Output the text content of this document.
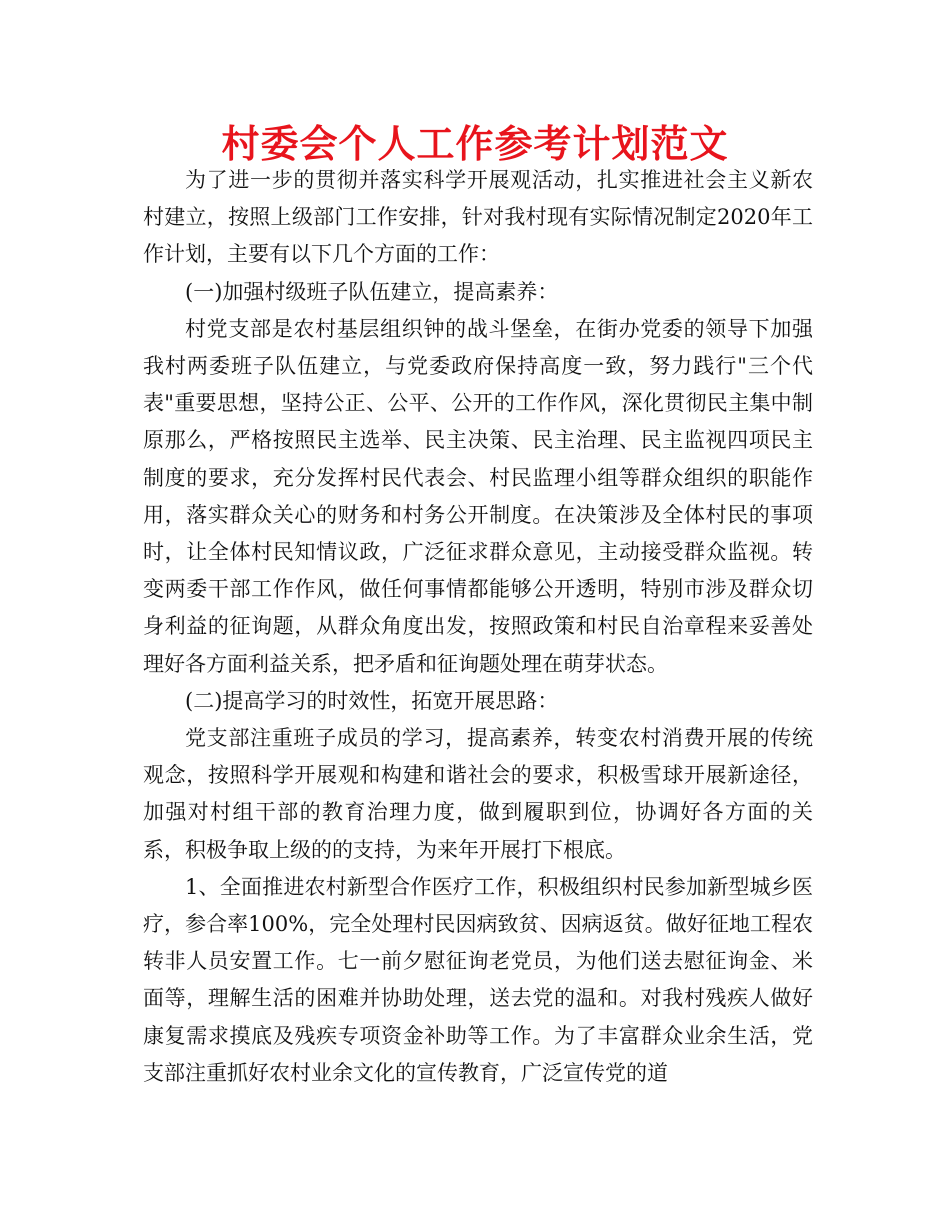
村委会个人工作参考计划范文

为了进一步的贯彻并落实科学开展观活动，扎实推进社会主义新农村建立，按照上级部门工作安排，针对我村现有实际情况制定2020年工作计划，主要有以下几个方面的工作：

(一)加强村级班子队伍建立，提高素养：

村党支部是农村基层组织钟的战斗堡垒，在街办党委的领导下加强我村两委班子队伍建立，与党委政府保持高度一致，努力践行"三个代表"重要思想，坚持公正、公平、公开的工作作风，深化贯彻民主集中制原那么，严格按照民主选举、民主决策、民主治理、民主监视四项民主制度的要求，充分发挥村民代表会、村民监理小组等群众组织的职能作用，落实群众关心的财务和村务公开制度。在决策涉及全体村民的事项时，让全体村民知情议政，广泛征求群众意见，主动接受群众监视。转变两委干部工作作风，做任何事情都能够公开透明，特别市涉及群众切身利益的征询题，从群众角度出发，按照政策和村民自治章程来妥善处理好各方面利益关系，把矛盾和征询题处理在萌芽状态。

(二)提高学习的时效性，拓宽开展思路：

党支部注重班子成员的学习，提高素养，转变农村消费开展的传统观念，按照科学开展观和构建和谐社会的要求，积极雪球开展新途径，加强对村组干部的教育治理力度，做到履职到位，协调好各方面的关系，积极争取上级的的支持，为来年开展打下根底。

1、全面推进农村新型合作医疗工作，积极组织村民参加新型城乡医疗，参合率100%，完全处理村民因病致贫、因病返贫。做好征地工程农转非人员安置工作。七一前夕慰征询老党员，为他们送去慰征询金、米面等，理解生活的困难并协助处理，送去党的温和。对我村残疾人做好康复需求摸底及残疾专项资金补助等工作。为了丰富群众业余生活，党支部注重抓好农村业余文化的宣传教育，广泛宣传党的道
